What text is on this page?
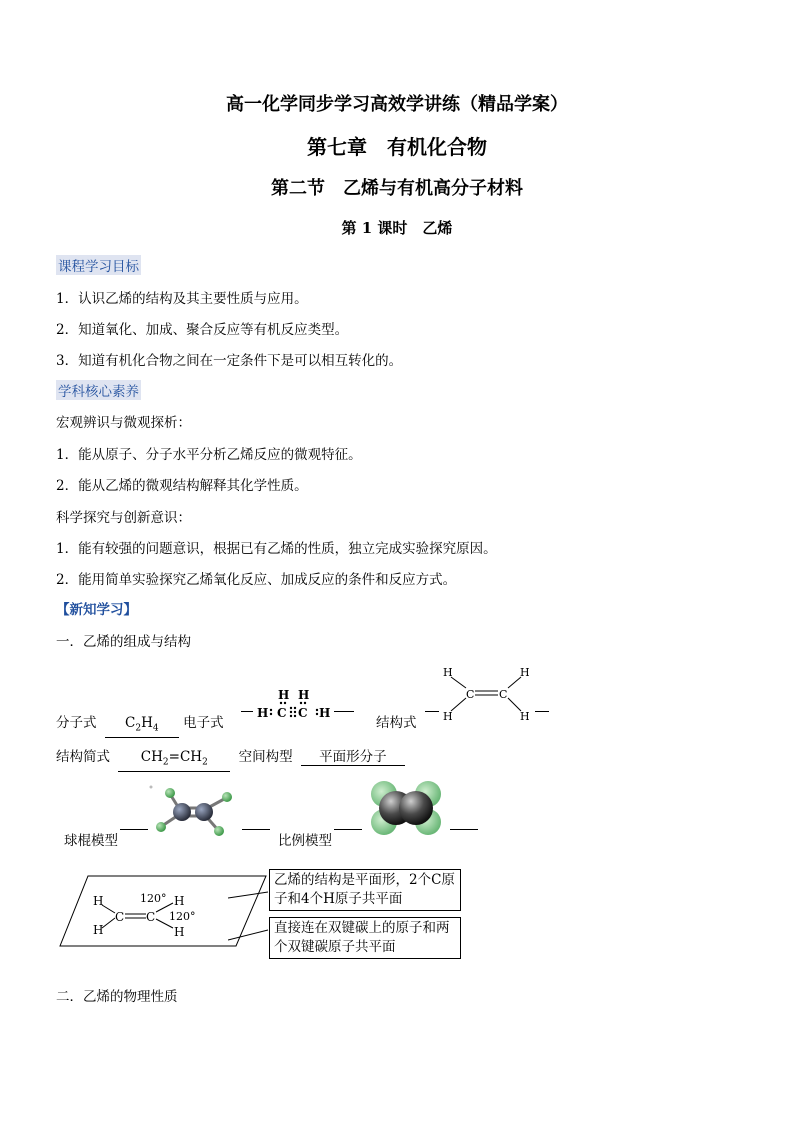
高一化学同步学习高效学讲练（精品学案）
第七章　有机化合物
第二节　乙烯与有机高分子材料
第 1 课时　乙烯
课程学习目标
1．认识乙烯的结构及其主要性质与应用。
2．知道氧化、加成、聚合反应等有机反应类型。
3．知道有机化合物之间在一定条件下是可以相互转化的。
学科核心素养
宏观辨识与微观探析：
1．能从原子、分子水平分析乙烯反应的微观特征。
2．能从乙烯的微观结构解释其化学性质。
科学探究与创新意识：
1．能有较强的问题意识，根据已有乙烯的性质，独立完成实验探究原因。
2．能用简单实验探究乙烯氧化反应、加成反应的条件和反应方式。
【新知学习】
一．乙烯的组成与结构
分子式 $C_2H_4$ 电子式
H H
H C C H
结构式
H
H
H
H
C C
结构简式 $CH_2=CH_2$ 空间构型 平面形分子
球棍模型	比例模型
H
H
C C
H
H
120°
120°
乙烯的结构是平面形，2个C原子和4个H原子共平面
直接连在双键碳上的原子和两个双键碳原子共平面
二．乙烯的物理性质
